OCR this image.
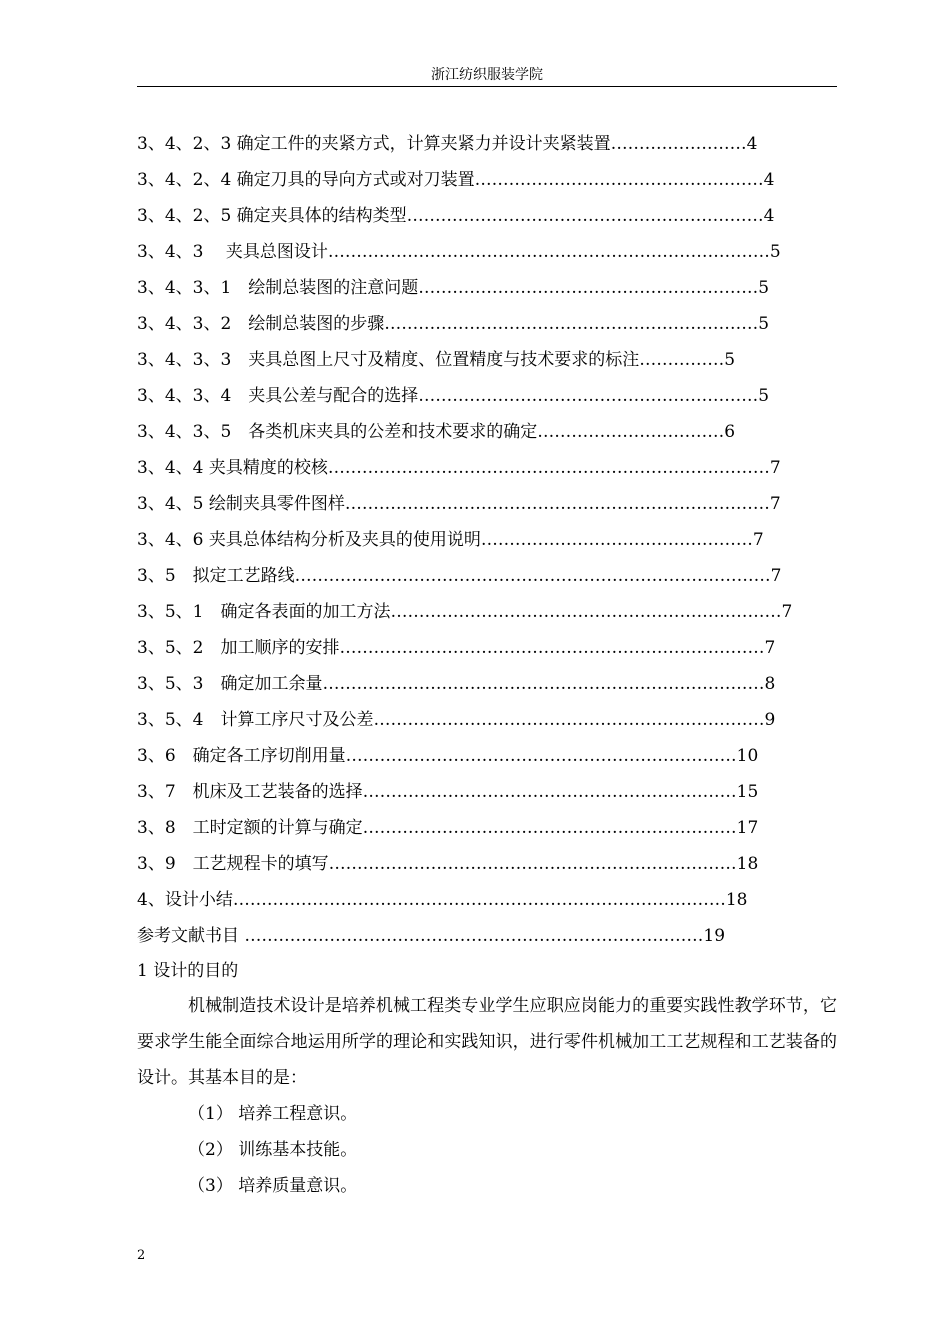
浙江纺织服装学院
3、4、2、3 确定工件的夹紧方式，计算夹紧力并设计夹紧装置……………………4
3、4、2、4 确定刀具的导向方式或对刀装置……………………………………………4
3、4、2、5 确定夹具体的结构类型………………………………………………………4
3、4、3　 夹具总图设计……………………………………………………………………5
3、4、3、1　绘制总装图的注意问题……………………………………………………5
3、4、3、2　绘制总装图的步骤…………………………………………………………5
3、4、3、3　夹具总图上尺寸及精度、位置精度与技术要求的标注……………5
3、4、3、4　夹具公差与配合的选择……………………………………………………5
3、4、3、5　各类机床夹具的公差和技术要求的确定……………………………6
3、4、4 夹具精度的校核……………………………………………………………………7
3、4、5 绘制夹具零件图样…………………………………………………………………7
3、4、6 夹具总体结构分析及夹具的使用说明…………………………………………7
3、5　拟定工艺路线…………………………………………………………………………7
3、5、1　确定各表面的加工方法……………………………………………………………7
3、5、2　加工顺序的安排…………………………………………………………………7
3、5、3　确定加工余量……………………………………………………………………8
3、5、4　计算工序尺寸及公差……………………………………………………………9
3、6　确定各工序切削用量……………………………………………………………10
3、7　机床及工艺装备的选择…………………………………………………………15
3、8　工时定额的计算与确定…………………………………………………………17
3、9　工艺规程卡的填写………………………………………………………………18
4、设计小结……………………………………………………………………………18
参考文献书目 ………………………………………………………………………19
1 设计的目的

机械制造技术设计是培养机械工程类专业学生应职应岗能力的重要实践性教学环节，它要求学生能全面综合地运用所学的理论和实践知识，进行零件机械加工工艺规程和工艺装备的设计。其基本目的是：

（1） 培养工程意识。
（2） 训练基本技能。
（3） 培养质量意识。
2
